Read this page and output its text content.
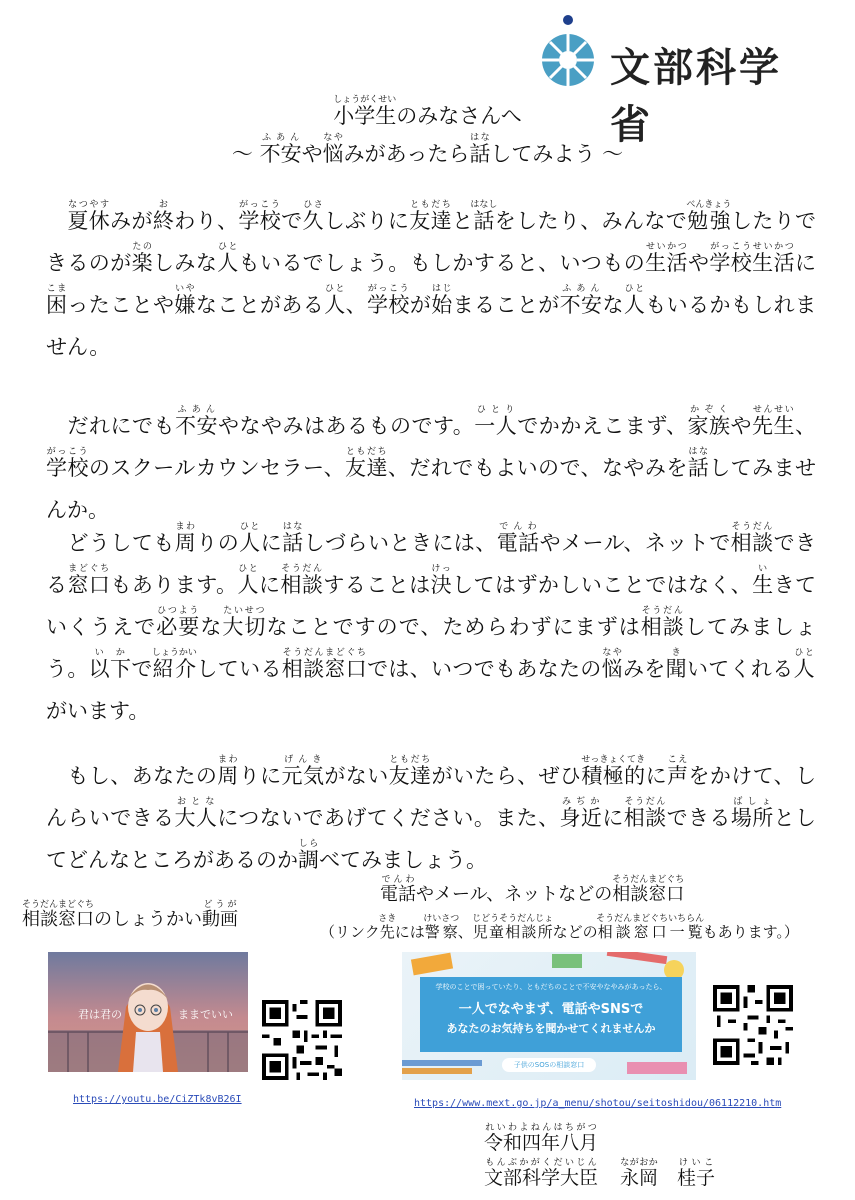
文部科学省
小学生しょうがくせいのみなさんへ
～ 不安ふあんや悩なやみがあったら話はなしてみよう ～

　夏休なつやすみが終おわり、学校がっこうで久ひさしぶりに友達ともだちと話はなしをしたり、みんなで勉強べんきょうしたりできるのが楽たのしみな人ひともいるでしょう。もしかすると、いつもの生活せいかつや学校生活がっこうせいかつに困こまったことや嫌いやなことがある人ひと、学校がっこうが始はじまることが不安ふあんな人ひともいるかもしれません。

　だれにでも不安ふあんやなやみはあるものです。一人ひとりでかかえこまず、家族かぞくや先生せんせい、学校がっこうのスクールカウンセラー、友達ともだち、だれでもよいので、なやみを話はなしてみませんか。

　どうしても周まわりの人ひとに話はなしづらいときには、電話でんわやメール、ネットで相談そうだんできる窓口まどぐちもあります。人ひとに相談そうだんすることは決けっしてはずかしいことではなく、生いきていくうえで必要ひつような大切たいせつなことですので、ためらわずにまずは相談そうだんしてみましょう。以下いかで紹介しょうかいしている相談窓口そうだんまどぐちでは、いつでもあなたの悩なやみを聞きいてくれる人ひとがいます。

　もし、あなたの周まわりに元気げんきがない友達ともだちがいたら、ぜひ積極的せっきょくてきに声こえをかけて、しんらいできる大人おとなにつないであげてください。また、身近みぢかに相談そうだんできる場所ばしょとしてどんなところがあるのか調しらべてみましょう。

相談窓口そうだんまどぐちのしょうかい動画どうが	電話でんわやメール、ネットなどの相談窓口そうだんまどぐち
（リンク先さきには警察けいさつ、児童相談所じどうそうだんじょなどの相談窓口一覧そうだんまどぐちいちらんもあります。）
君は君の	ままでいい
学校のことで困っていたり、ともだちのことで不安やなやみがあったら、
一人でなやまず、電話やSNSで
あなたのお気持ちを聞かせてくれませんか
子供のSOSの相談窓口
https://youtu.be/CiZTk8vB26I	https://www.mext.go.jp/a_menu/shotou/seitoshidou/06112210.htm
令和四年八月れいわよねんはちがつ
文部科学大臣もんぶかがくだいじん永岡ながおか　桂子けいこ
